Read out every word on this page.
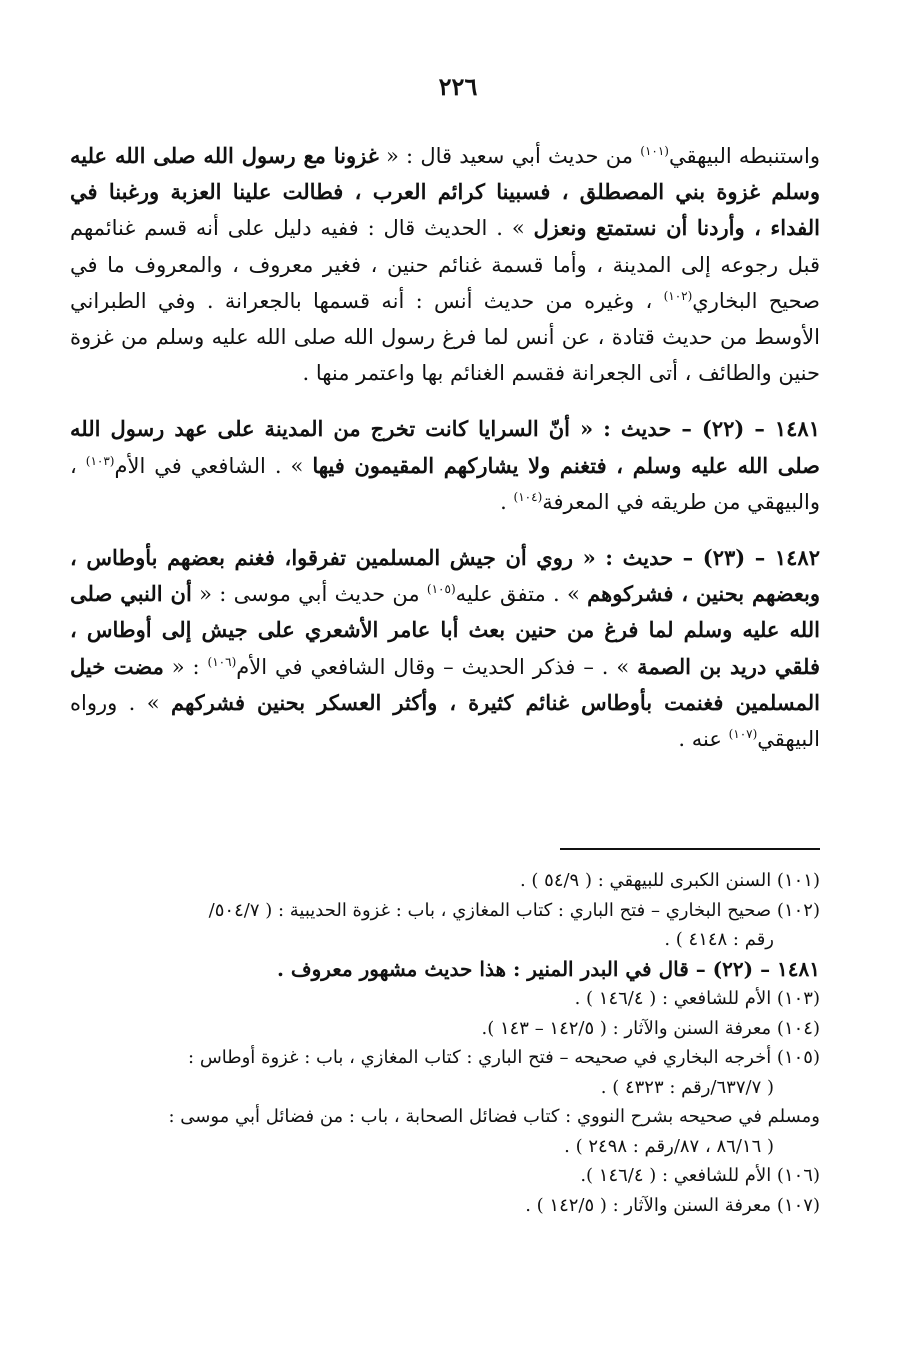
٢٢٦

واستنبطه البيهقي$^{(١٠١)}$ من حديث أبي سعيد قال : « غزونا مع رسول الله صلى الله عليه وسلم غزوة بني المصطلق ، فسبينا كرائم العرب ، فطالت علينا العزبة ورغبنا في الفداء ، وأردنا أن نستمتع ونعزل » . الحديث قال : ففيه دليل على أنه قسم غنائمهم قبل رجوعه إلى المدينة ، وأما قسمة غنائم حنين ، فغير معروف ، والمعروف ما في صحيح البخاري$^{(١٠٢)}$ ، وغيره من حديث أنس : أنه قسمها بالجعرانة . وفي الطبراني الأوسط من حديث قتادة ، عن أنس لما فرغ رسول الله صلى الله عليه وسلم من غزوة حنين والطائف ، أتى الجعرانة فقسم الغنائم بها واعتمر منها .

١٤٨١ – (٢٢) – حديث : « أنّ السرايا كانت تخرج من المدينة على عهد رسول الله صلى الله عليه وسلم ، فتغنم ولا يشاركهم المقيمون فيها » . الشافعي في الأم$^{(١٠٣)}$ ، والبيهقي من طريقه في المعرفة$^{(١٠٤)}$ .

١٤٨٢ – (٢٣) – حديث : « روي أن جيش المسلمين تفرقوا، فغنم بعضهم بأوطاس ، وبعضهم بحنين ، فشركوهم » . متفق عليه$^{(١٠٥)}$ من حديث أبي موسى : « أن النبي صلى الله عليه وسلم لما فرغ من حنين بعث أبا عامر الأشعري على جيش إلى أوطاس ، فلقي دريد بن الصمة » . – فذكر الحديث – وقال الشافعي في الأم$^{(١٠٦)}$ : « مضت خيل المسلمين فغنمت بأوطاس غنائم كثيرة ، وأكثر العسكر بحنين فشركهم » . ورواه البيهقي$^{(١٠٧)}$ عنه .

(١٠١) السنن الكبرى للبيهقي : ( ٥٤/٩ ) .
(١٠٢) صحيح البخاري – فتح الباري : كتاب المغازي ، باب : غزوة الحديبية : ( ٥٠٤/٧/
رقم : ٤١٤٨ ) .
١٤٨١ – (٢٢) – قال في البدر المنير : هذا حديث مشهور معروف .
(١٠٣) الأم للشافعي : ( ١٤٦/٤ ) .
(١٠٤) معرفة السنن والآثار : ( ١٤٢/٥ – ١٤٣ ).
(١٠٥) أخرجه البخاري في صحيحه – فتح الباري : كتاب المغازي ، باب : غزوة أوطاس :
( ٦٣٧/٧/رقم : ٤٣٢٣ ) .
ومسلم في صحيحه بشرح النووي : كتاب فضائل الصحابة ، باب : من فضائل أبي موسى :
( ٨٦/١٦ ، ٨٧/رقم : ٢٤٩٨ ) .
(١٠٦) الأم للشافعي : ( ١٤٦/٤ ).
(١٠٧) معرفة السنن والآثار : ( ١٤٢/٥ ) .
